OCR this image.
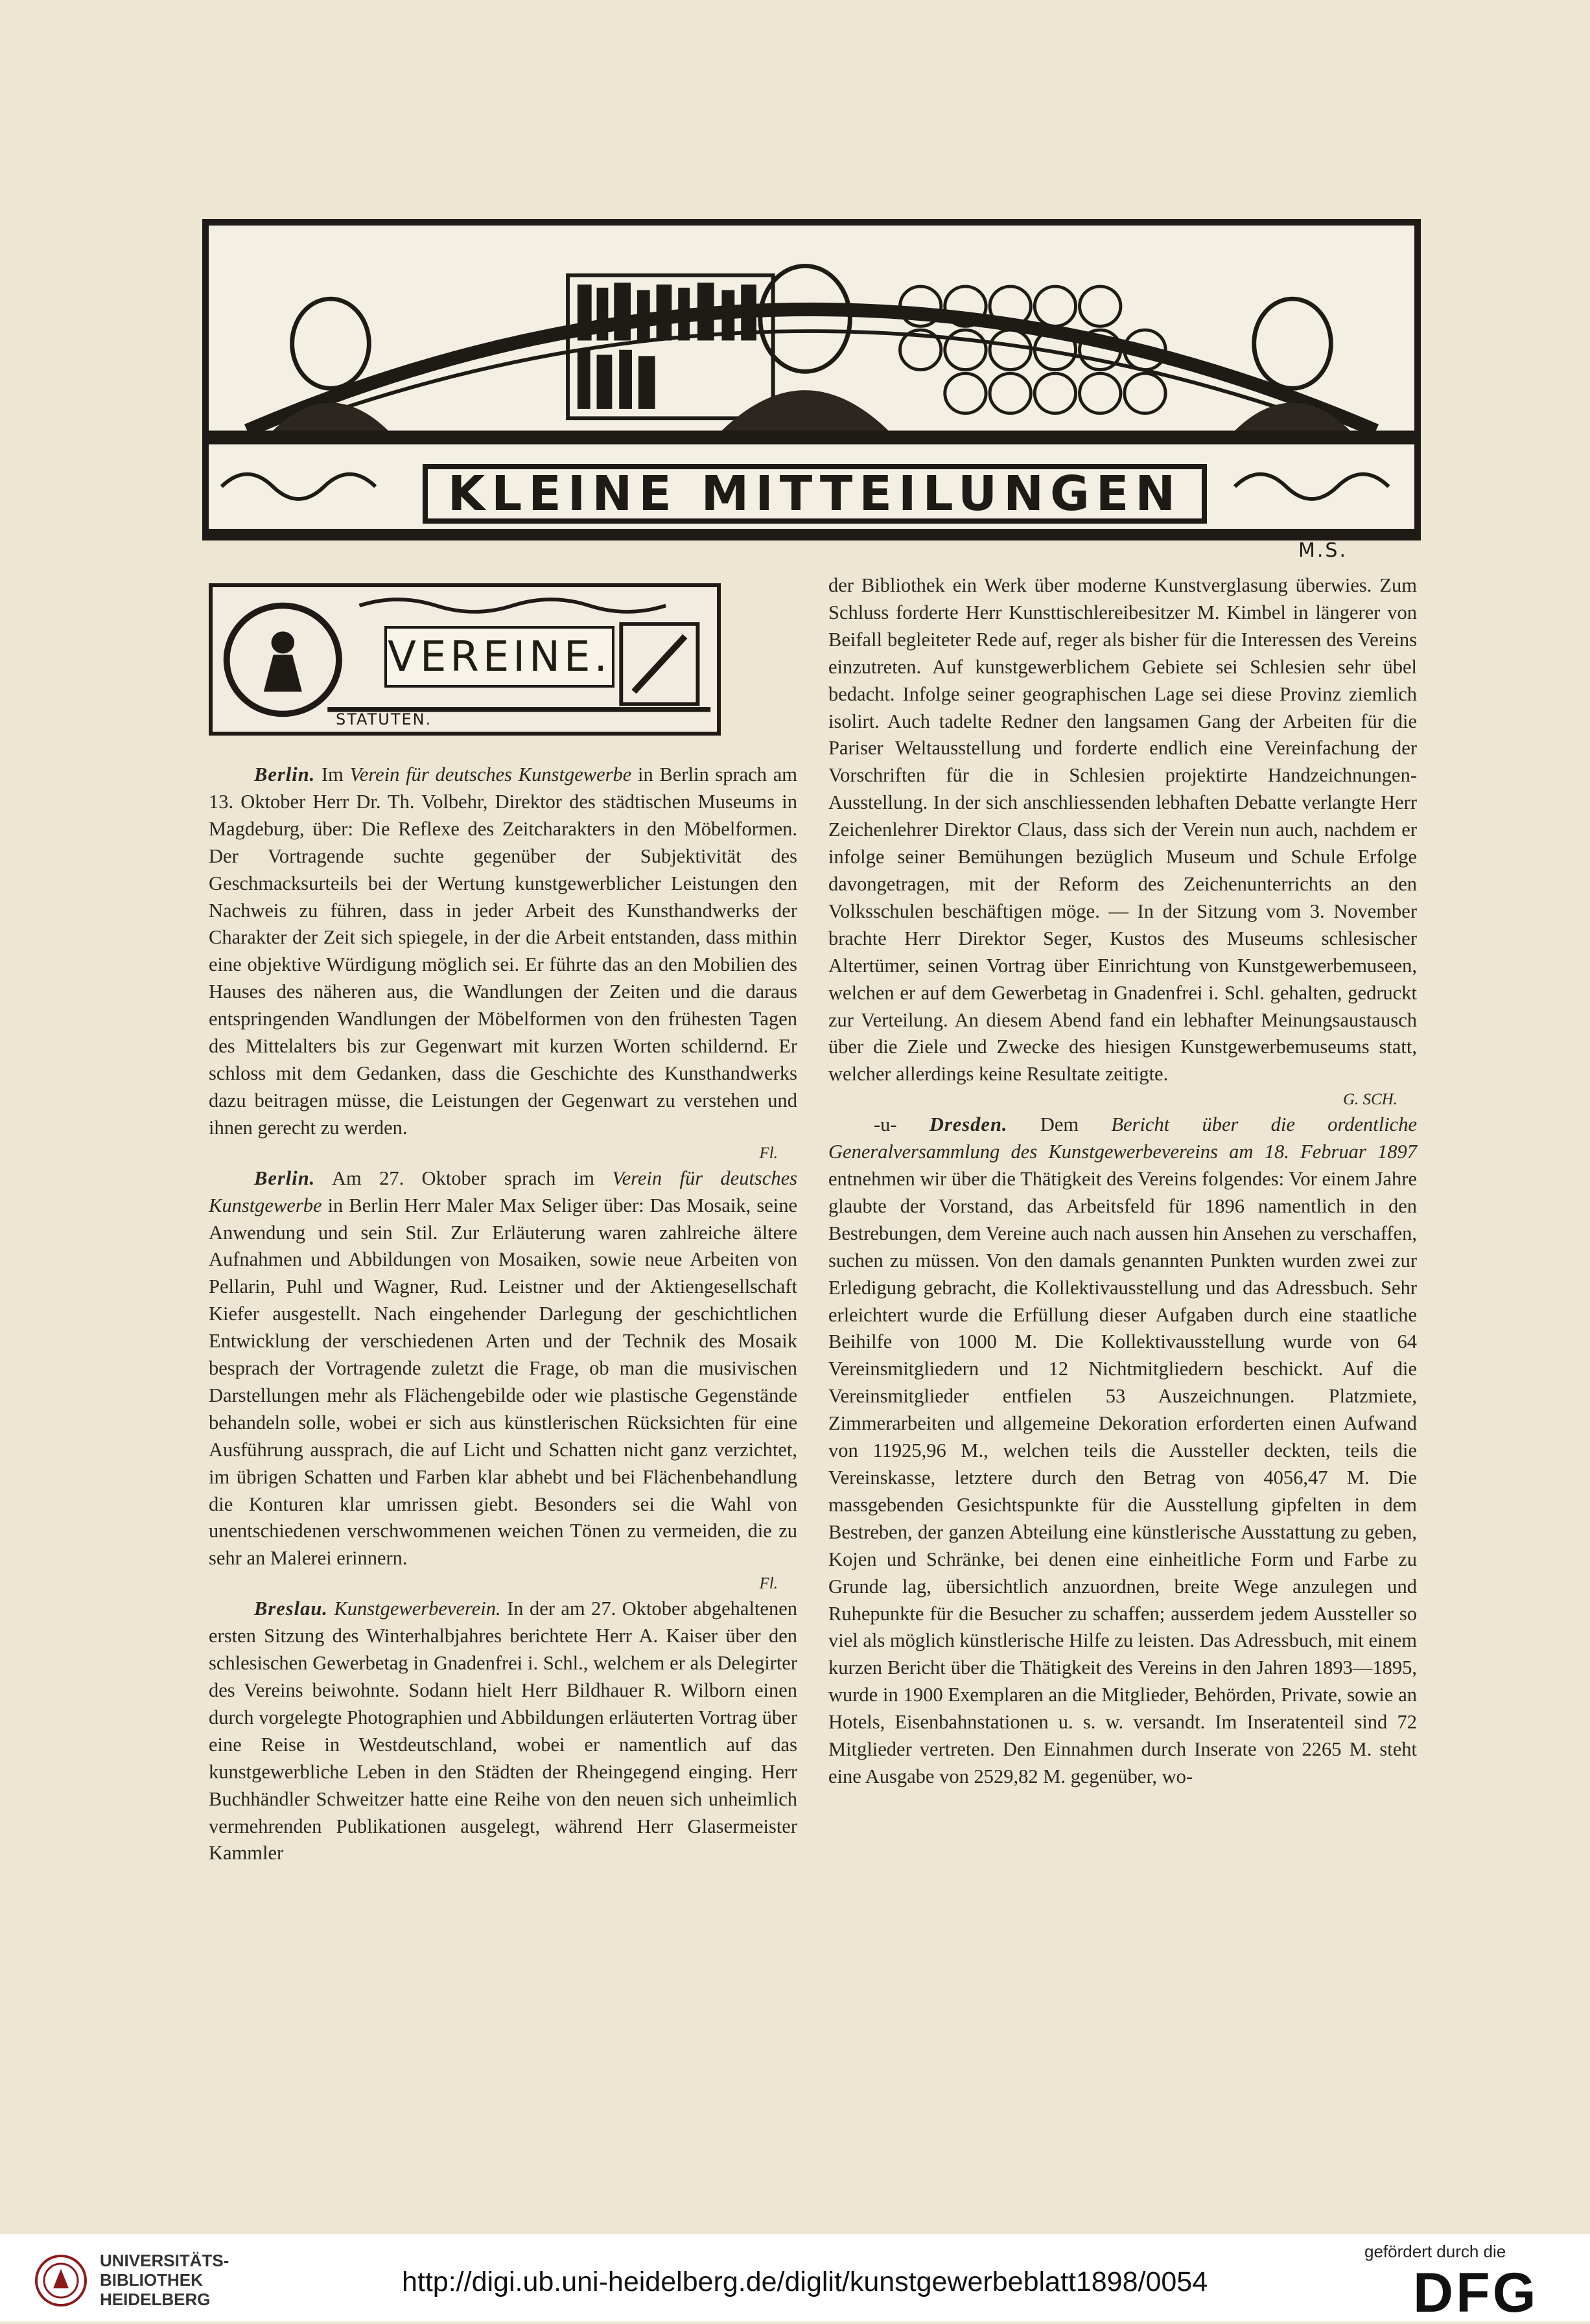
KLEINE MITTEILUNGEN
M.S.
VEREINE.
STATUTEN.

Berlin. Im Verein für deutsches Kunstgewerbe in Berlin sprach am 13. Oktober Herr Dr. Th. Volbehr, Direktor des städtischen Museums in Magdeburg, über: Die Reflexe des Zeitcharakters in den Möbelformen. Der Vortragende suchte gegenüber der Subjektivität des Geschmacksurteils bei der Wertung kunstgewerblicher Leistungen den Nachweis zu führen, dass in jeder Arbeit des Kunsthandwerks der Charakter der Zeit sich spiegele, in der die Arbeit entstanden, dass mithin eine objektive Würdigung möglich sei. Er führte das an den Mobilien des Hauses des näheren aus, die Wandlungen der Zeiten und die daraus entspringenden Wandlungen der Möbelformen von den frühesten Tagen des Mittelalters bis zur Gegenwart mit kurzen Worten schildernd. Er schloss mit dem Gedanken, dass die Geschichte des Kunsthandwerks dazu beitragen müsse, die Leistungen der Gegenwart zu verstehen und ihnen gerecht zu werden.

Fl.

Berlin. Am 27. Oktober sprach im Verein für deutsches Kunstgewerbe in Berlin Herr Maler Max Seliger über: Das Mosaik, seine Anwendung und sein Stil. Zur Erläuterung waren zahlreiche ältere Aufnahmen und Abbildungen von Mosaiken, sowie neue Arbeiten von Pellarin, Puhl und Wagner, Rud. Leistner und der Aktiengesellschaft Kiefer ausgestellt. Nach eingehender Darlegung der geschichtlichen Entwicklung der verschiedenen Arten und der Technik des Mosaik besprach der Vortragende zuletzt die Frage, ob man die musivischen Darstellungen mehr als Flächengebilde oder wie plastische Gegenstände behandeln solle, wobei er sich aus künstlerischen Rücksichten für eine Ausführung aussprach, die auf Licht und Schatten nicht ganz verzichtet, im übrigen Schatten und Farben klar abhebt und bei Flächenbehandlung die Konturen klar umrissen giebt. Besonders sei die Wahl von unentschiedenen verschwommenen weichen Tönen zu vermeiden, die zu sehr an Malerei erinnern.

Fl.

Breslau. Kunstgewerbeverein. In der am 27. Oktober abgehaltenen ersten Sitzung des Winterhalbjahres berichtete Herr A. Kaiser über den schlesischen Gewerbetag in Gnadenfrei i. Schl., welchem er als Delegirter des Vereins beiwohnte. Sodann hielt Herr Bildhauer R. Wilborn einen durch vorgelegte Photographien und Abbildungen erläuterten Vortrag über eine Reise in Westdeutschland, wobei er namentlich auf das kunstgewerbliche Leben in den Städten der Rheingegend einging. Herr Buchhändler Schweitzer hatte eine Reihe von den neuen sich unheimlich vermehrenden Publikationen ausgelegt, während Herr Glasermeister Kammler

der Bibliothek ein Werk über moderne Kunstverglasung überwies. Zum Schluss forderte Herr Kunsttischlereibesitzer M. Kimbel in längerer von Beifall begleiteter Rede auf, reger als bisher für die Interessen des Vereins einzutreten. Auf kunstgewerblichem Gebiete sei Schlesien sehr übel bedacht. Infolge seiner geographischen Lage sei diese Provinz ziemlich isolirt. Auch tadelte Redner den langsamen Gang der Arbeiten für die Pariser Weltausstellung und forderte endlich eine Vereinfachung der Vorschriften für die in Schlesien projektirte Handzeichnungen-Ausstellung. In der sich anschliessenden lebhaften Debatte verlangte Herr Zeichenlehrer Direktor Claus, dass sich der Verein nun auch, nachdem er infolge seiner Bemühungen bezüglich Museum und Schule Erfolge davongetragen, mit der Reform des Zeichenunterrichts an den Volksschulen beschäftigen möge. — In der Sitzung vom 3. November brachte Herr Direktor Seger, Kustos des Museums schlesischer Altertümer, seinen Vortrag über Einrichtung von Kunstgewerbemuseen, welchen er auf dem Gewerbetag in Gnadenfrei i. Schl. gehalten, gedruckt zur Verteilung. An diesem Abend fand ein lebhafter Meinungsaustausch über die Ziele und Zwecke des hiesigen Kunstgewerbemuseums statt, welcher allerdings keine Resultate zeitigte.

G. SCH.

-u- Dresden. Dem Bericht über die ordentliche Generalversammlung des Kunstgewerbevereins am 18. Februar 1897 entnehmen wir über die Thätigkeit des Vereins folgendes: Vor einem Jahre glaubte der Vorstand, das Arbeitsfeld für 1896 namentlich in den Bestrebungen, dem Vereine auch nach aussen hin Ansehen zu verschaffen, suchen zu müssen. Von den damals genannten Punkten wurden zwei zur Erledigung gebracht, die Kollektivausstellung und das Adressbuch. Sehr erleichtert wurde die Erfüllung dieser Aufgaben durch eine staatliche Beihilfe von 1000 M. Die Kollektivausstellung wurde von 64 Vereinsmitgliedern und 12 Nichtmitgliedern beschickt. Auf die Vereinsmitglieder entfielen 53 Auszeichnungen. Platzmiete, Zimmerarbeiten und allgemeine Dekoration erforderten einen Aufwand von 11925,96 M., welchen teils die Aussteller deckten, teils die Vereinskasse, letztere durch den Betrag von 4056,47 M. Die massgebenden Gesichtspunkte für die Ausstellung gipfelten in dem Bestreben, der ganzen Abteilung eine künstlerische Ausstattung zu geben, Kojen und Schränke, bei denen eine einheitliche Form und Farbe zu Grunde lag, übersichtlich anzuordnen, breite Wege anzulegen und Ruhepunkte für die Besucher zu schaffen; ausserdem jedem Aussteller so viel als möglich künstlerische Hilfe zu leisten. Das Adressbuch, mit einem kurzen Bericht über die Thätigkeit des Vereins in den Jahren 1893—1895, wurde in 1900 Exemplaren an die Mitglieder, Behörden, Private, sowie an Hotels, Eisenbahnstationen u. s. w. versandt. Im Inseratenteil sind 72 Mitglieder vertreten. Den Einnahmen durch Inserate von 2265 M. steht eine Ausgabe von 2529,82 M. gegenüber, wo-

UNIVERSITÄTS-
BIBLIOTHEK
HEIDELBERG
http://digi.ub.uni-heidelberg.de/diglit/kunstgewerbeblatt1898/0054
gefördert durch die
DFG
